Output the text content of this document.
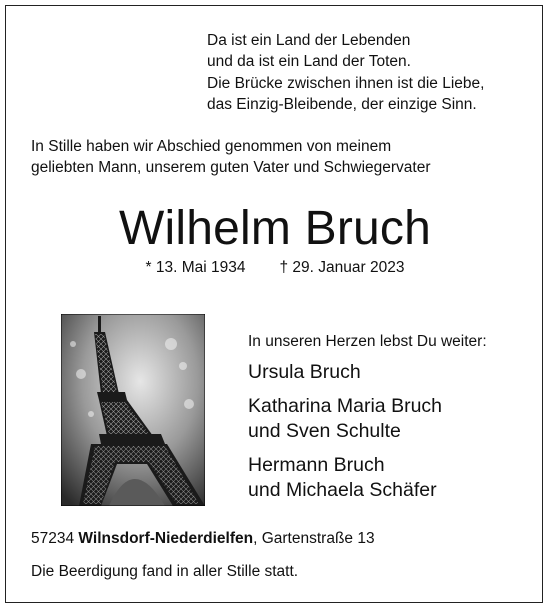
Da ist ein Land der Lebenden
und da ist ein Land der Toten.
Die Brücke zwischen ihnen ist die Liebe,
das Einzig-Bleibende, der einzige Sinn.
In Stille haben wir Abschied genommen von meinem
geliebten Mann, unserem guten Vater und Schwiegervater
Wilhelm Bruch
* 13. Mai 1934 † 29. Januar 2023
In unseren Herzen lebst Du weiter:
Ursula Bruch
Katharina Maria Bruch
und Sven Schulte
Hermann Bruch
und Michaela Schäfer
57234 Wilnsdorf-Niederdielfen, Gartenstraße 13
Die Beerdigung fand in aller Stille statt.
